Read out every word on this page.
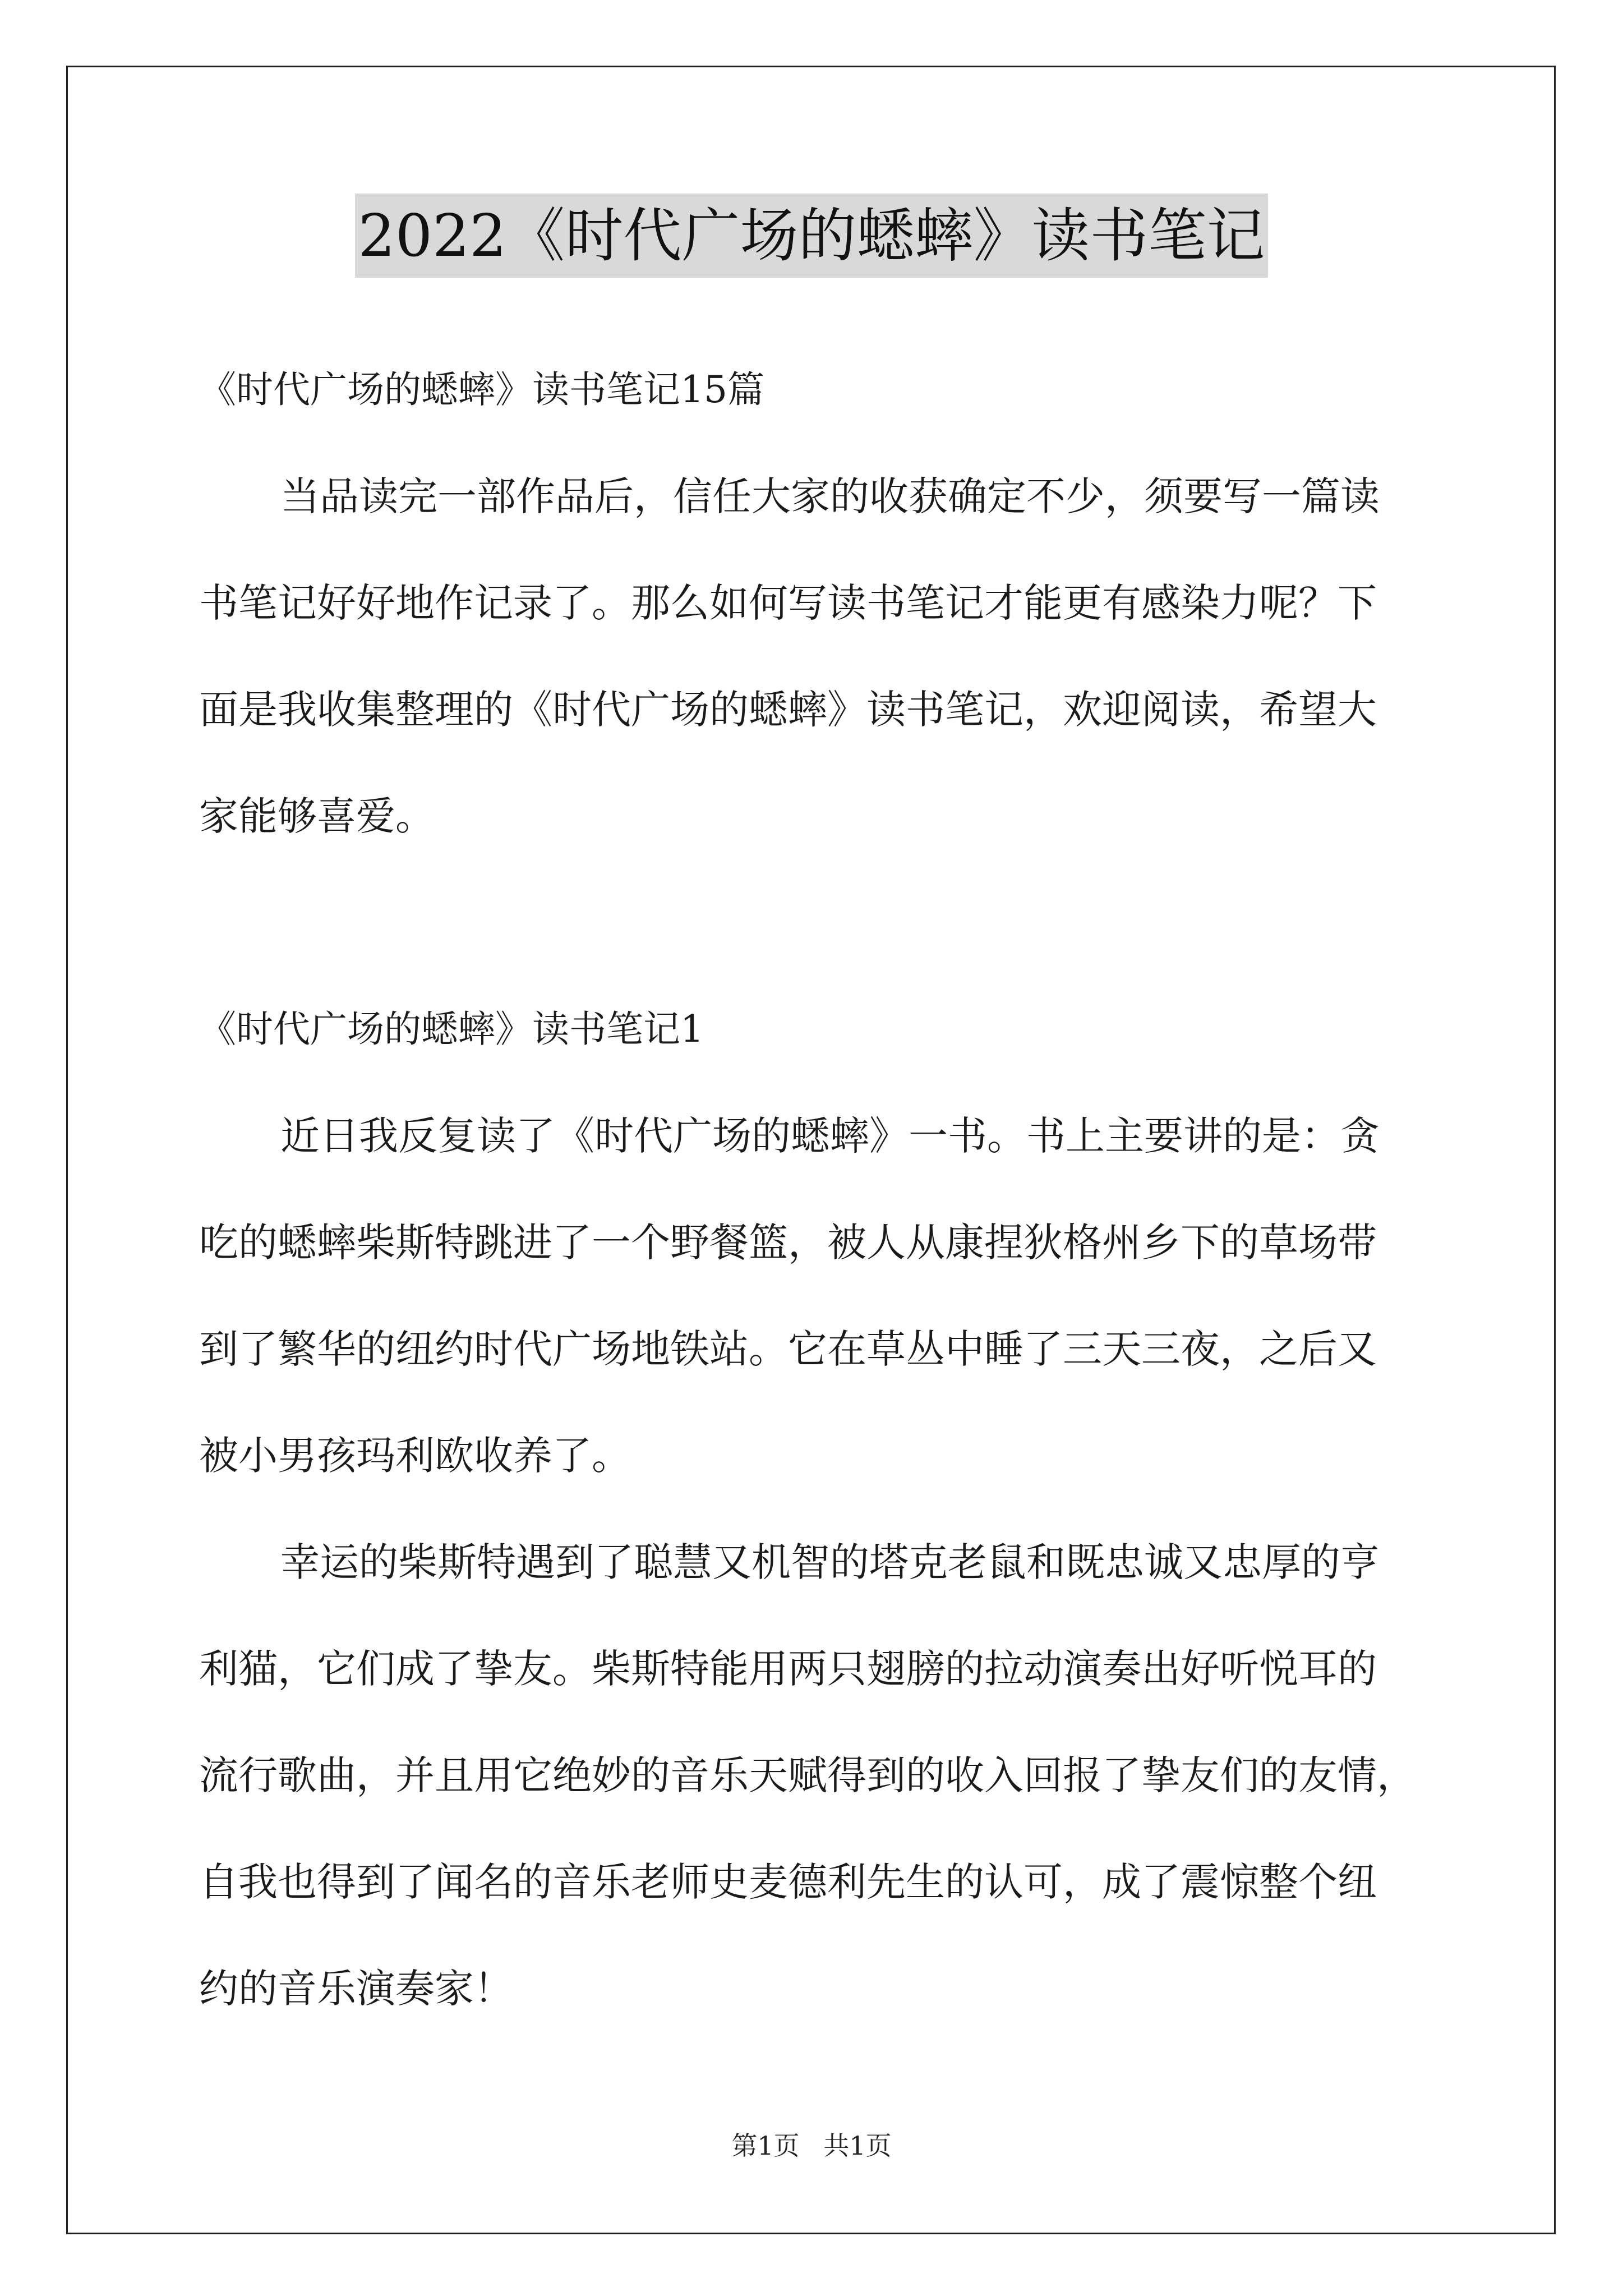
2022《时代广场的蟋蟀》读书笔记
《时代广场的蟋蟀》读书笔记15篇
当品读完一部作品后，信任大家的收获确定不少，须要写一篇读
书笔记好好地作记录了。那么如何写读书笔记才能更有感染力呢？下
面是我收集整理的《时代广场的蟋蟀》读书笔记，欢迎阅读，希望大
家能够喜爱。
《时代广场的蟋蟀》读书笔记1
近日我反复读了《时代广场的蟋蟀》一书。书上主要讲的是：贪
吃的蟋蟀柴斯特跳进了一个野餐篮，被人从康捏狄格州乡下的草场带
到了繁华的纽约时代广场地铁站。它在草丛中睡了三天三夜，之后又
被小男孩玛利欧收养了。
幸运的柴斯特遇到了聪慧又机智的塔克老鼠和既忠诚又忠厚的亨
利猫，它们成了挚友。柴斯特能用两只翅膀的拉动演奏出好听悦耳的
流行歌曲，并且用它绝妙的音乐天赋得到的收入回报了挚友们的友情，
自我也得到了闻名的音乐老师史麦德利先生的认可，成了震惊整个纽
约的音乐演奏家！
第1页 共1页
